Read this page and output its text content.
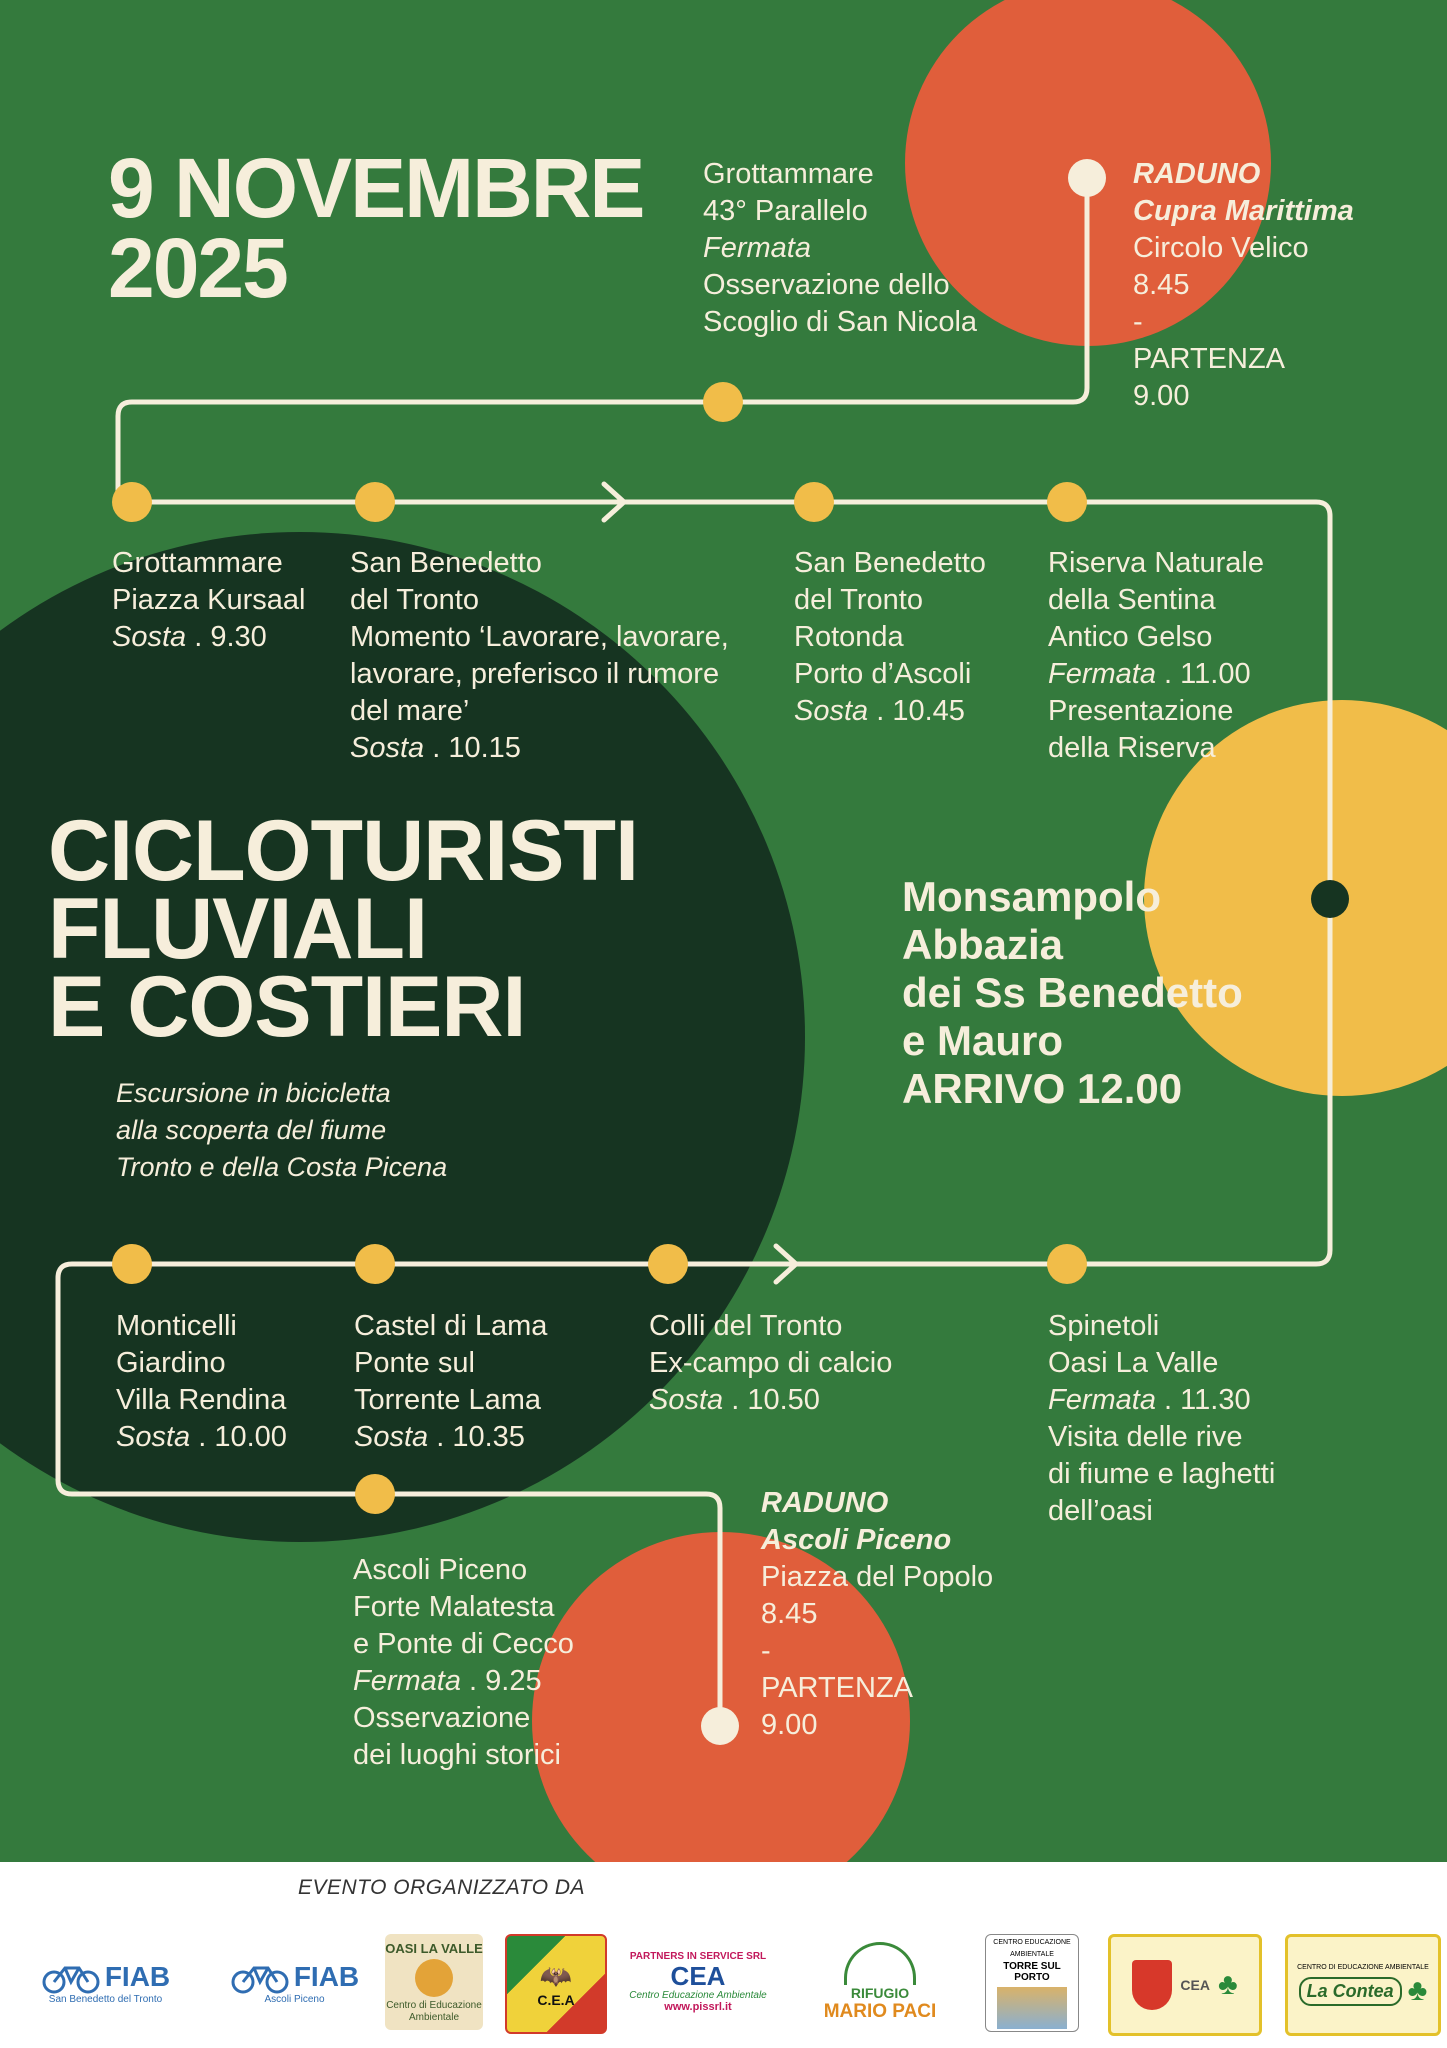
9 NOVEMBRE
2025
RADUNO
Cupra Marittima
Circolo Velico
8.45
-
PARTENZA
9.00
Grottammare
43° Parallelo
Fermata
Osservazione dello
Scoglio di San Nicola
Grottammare
Piazza Kursaal
Sosta . 9.30
San Benedetto
del Tronto
Momento ‘Lavorare, lavorare,
lavorare, preferisco il rumore
del mare’
Sosta . 10.15
San Benedetto
del Tronto
Rotonda
Porto d’Ascoli
Sosta . 10.45
Riserva Naturale
della Sentina
Antico Gelso
Fermata . 11.00
Presentazione
della Riserva
CICLOTURISTI
FLUVIALI
E COSTIERI
Escursione in bicicletta
alla scoperta del fiume
Tronto e della Costa Picena
Monsampolo
Abbazia
dei Ss Benedetto
e Mauro
ARRIVO 12.00
Monticelli
Giardino
Villa Rendina
Sosta . 10.00
Castel di Lama
Ponte sul
Torrente Lama
Sosta . 10.35
Colli del Tronto
Ex-campo di calcio
Sosta . 10.50
Spinetoli
Oasi La Valle
Fermata . 11.30
Visita delle rive
di fiume e laghetti
dell’oasi
RADUNO
Ascoli Piceno
Piazza del Popolo
8.45
-
PARTENZA
9.00
Ascoli Piceno
Forte Malatesta
e Ponte di Cecco
Fermata . 9.25
Osservazione
dei luoghi storici
EVENTO ORGANIZZATO DA
FIAB
San Benedetto del Tronto
FIAB
Ascoli Piceno
OASI LA VALLE
Centro di Educazione Ambientale
🦇
C.E.A
PARTNERS IN SERVICE SRL
CEA
Centro Educazione Ambientale
www.pissrl.it
RIFUGIO
MARIO PACI
CENTRO EDUCAZIONE AMBIENTALE
TORRE SUL PORTO	CEA ♣
CENTRO DI EDUCAZIONE AMBIENTALE
La Contea ♣
